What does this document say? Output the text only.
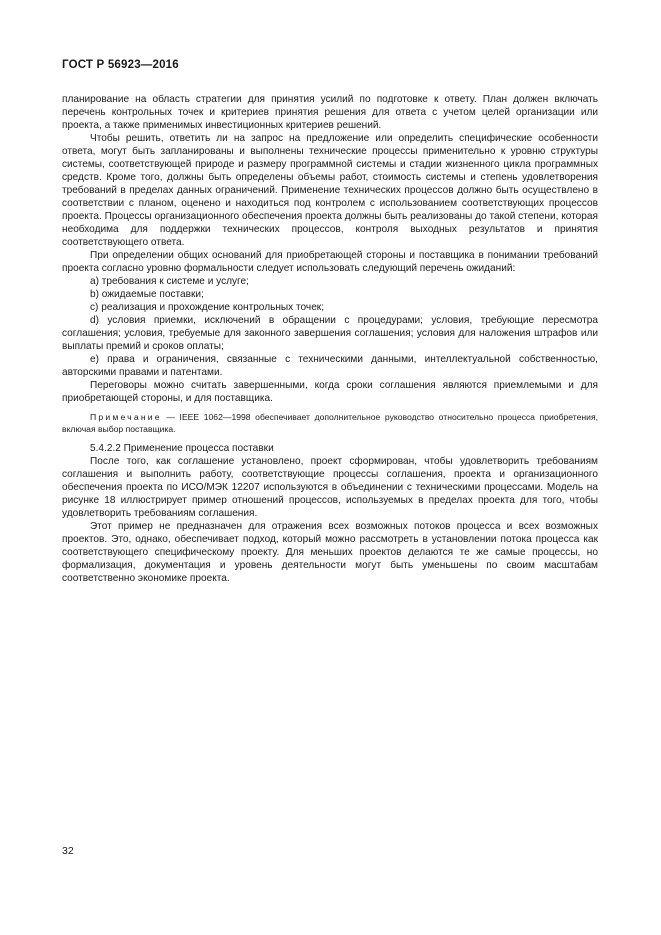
ГОСТ Р 56923—2016

планирование на область стратегии для принятия усилий по подготовке к ответу. План должен включать перечень контрольных точек и критериев принятия решения для ответа с учетом целей организации или проекта, а также применимых инвестиционных критериев решений.

Чтобы решить, ответить ли на запрос на предложение или определить специфические особенности ответа, могут быть запланированы и выполнены технические процессы применительно к уровню структуры системы, соответствующей природе и размеру программной системы и стадии жизненного цикла программных средств. Кроме того, должны быть определены объемы работ, стоимость системы и степень удовлетворения требований в пределах данных ограничений. Применение технических процессов должно быть осуществлено в соответствии с планом, оценено и находиться под контролем с использованием соответствующих процессов проекта. Процессы организационного обеспечения проекта должны быть реализованы до такой степени, которая необходима для поддержки технических процессов, контроля выходных результатов и принятия соответствующего ответа.

При определении общих оснований для приобретающей стороны и поставщика в понимании требований проекта согласно уровню формальности следует использовать следующий перечень ожиданий:

а) требования к системе и услуге;

b) ожидаемые поставки;

c) реализация и прохождение контрольных точек;

d) условия приемки, исключений в обращении с процедурами; условия, требующие пересмотра соглашения; условия, требуемые для законного завершения соглашения; условия для наложения штрафов или выплаты премий и сроков оплаты;

e) права и ограничения, связанные с техническими данными, интеллектуальной собственностью, авторскими правами и патентами.

Переговоры можно считать завершенными, когда сроки соглашения являются приемлемыми и для приобретающей стороны, и для поставщика.

Примечание — IEEE 1062—1998 обеспечивает дополнительное руководство относительно процесса приобретения, включая выбор поставщика.

5.4.2.2 Применение процесса поставки

После того, как соглашение установлено, проект сформирован, чтобы удовлетворить требованиям соглашения и выполнить работу, соответствующие процессы соглашения, проекта и организационного обеспечения проекта по ИСО/МЭК 12207 используются в объединении с техническими процессами. Модель на рисунке 18 иллюстрирует пример отношений процессов, используемых в пределах проекта для того, чтобы удовлетворить требованиям соглашения.

Этот пример не предназначен для отражения всех возможных потоков процесса и всех возможных проектов. Это, однако, обеспечивает подход, который можно рассмотреть в установлении потока процесса как соответствующего специфическому проекту. Для меньших проектов делаются те же самые процессы, но формализация, документация и уровень деятельности могут быть уменьшены по своим масштабам соответственно экономике проекта.

32
